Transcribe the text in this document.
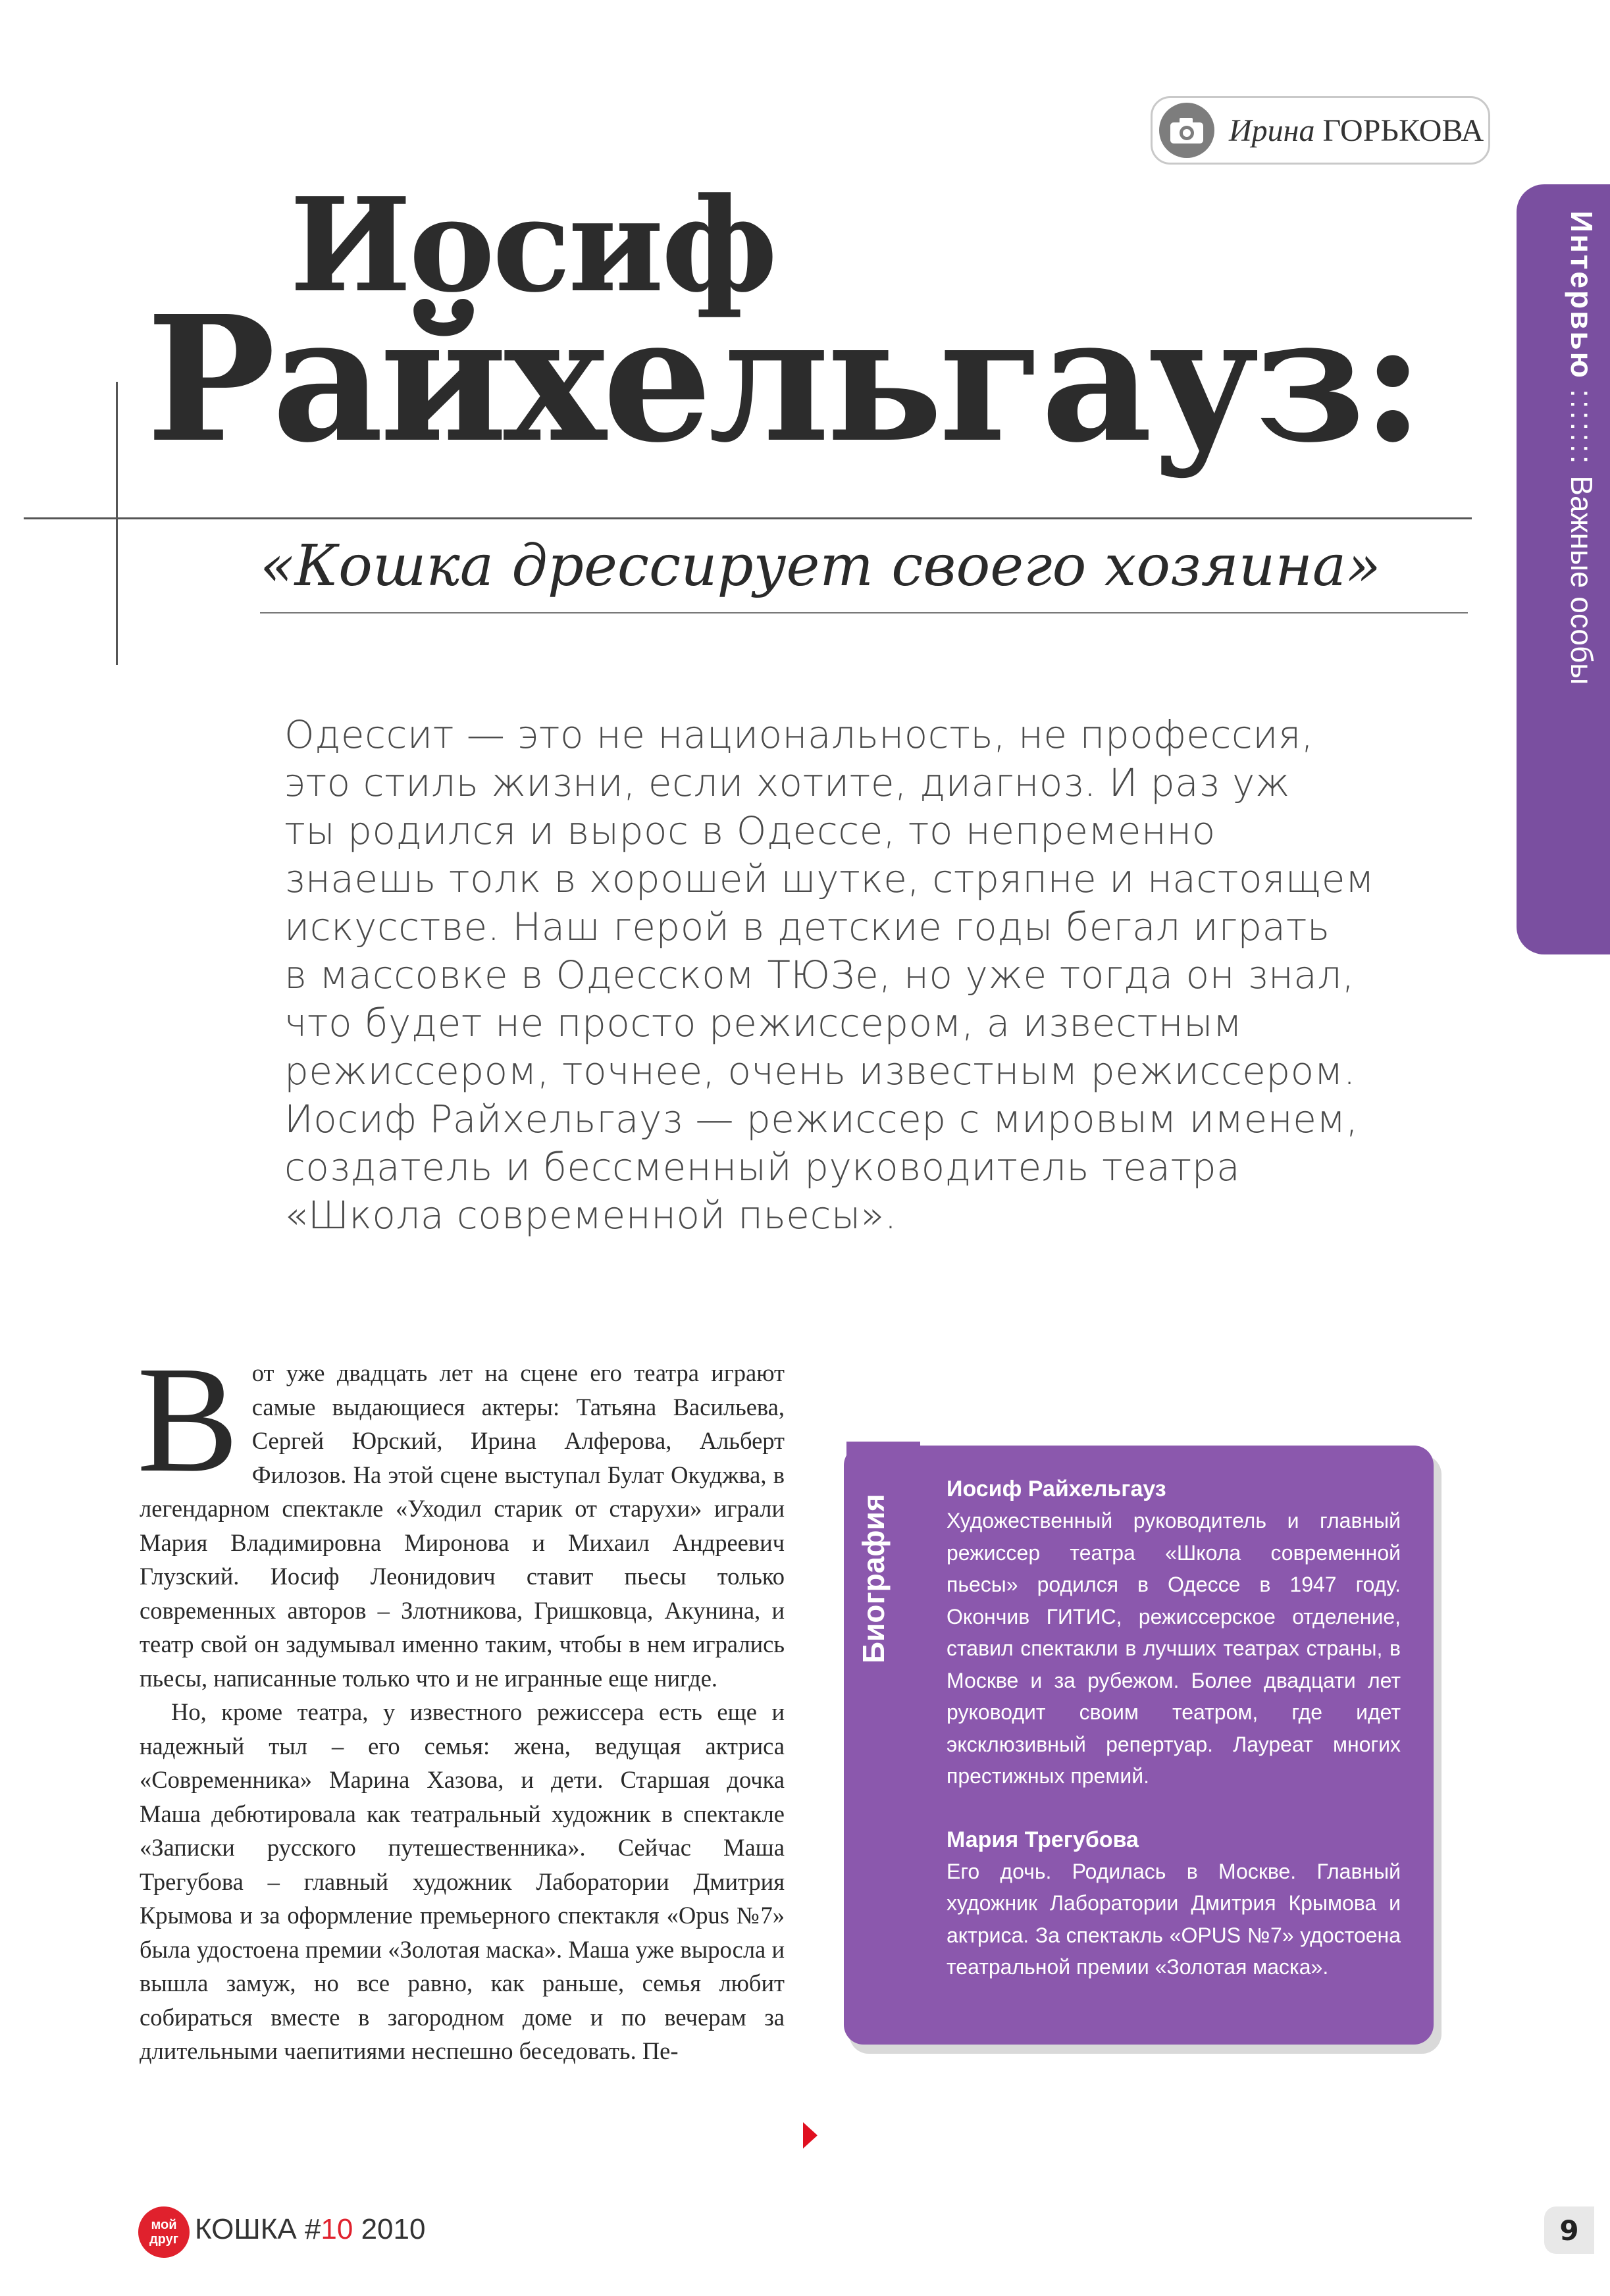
Ирина ГОРЬКОВА
Интервью:::::::Важные особы
Иосиф
Райхельгауз:
«Кошка дрессирует своего хозяина»

Одессит — это не национальность, не профессия,

это стиль жизни, если хотите, диагноз. И раз уж

ты родился и вырос в Одессе, то непременно

знаешь толк в хорошей шутке, стряпне и настоящем

искусстве. Наш герой в детские годы бегал играть

в массовке в Одесском ТЮЗе, но уже тогда он знал,

что будет не просто режиссером, а известным

режиссером, точнее, очень известным режиссером.

Иосиф Райхельгауз — режиссер с мировым именем,

создатель и бессменный руководитель театра

«Школа современной пьесы».

В от уже двадцать лет на сцене его театра играют самые выдающиеся актеры: Татьяна Васильева, Сергей Юрский, Ирина Алферова, Альберт Филозов. На этой сцене выступал Булат Окуджва, в легендарном спектакле «Уходил старик от старухи» играли Мария Владимировна Миронова и Михаил Андреевич Глузский. Иосиф Леонидович ставит пьесы только современных авторов – Злотникова, Гришковца, Акунина, и театр свой он задумывал именно таким, чтобы в нем игрались пьесы, написанные только что и не игранные еще нигде.

Но, кроме театра, у известного режиссера есть еще и надежный тыл – его семья: жена, ведущая актриса «Современника» Марина Хазова, и дети. Старшая дочка Маша дебютировала как театральный художник в спектакле «Записки русского путешественника». Сейчас Маша Трегубова – главный художник Лаборатории Дмитрия Крымова и за оформление премьерного спектакля «Opus №7» была удостоена премии «Золотая маска». Маша уже выросла и вышла замуж, но все равно, как раньше, семья любит собираться вместе в загородном доме и по вечерам за длительными чаепитиями неспешно беседовать. Пе-

Биография
Иосиф Райхельгауз

Художественный руководитель и главный режиссер театра «Школа современной пьесы» родился в Одессе в 1947 году. Окончив ГИТИС, режиссерское отделение, ставил спектакли в лучших театрах страны, в Москве и за рубежом. Более двадцати лет руководит своим театром, где идет эксклюзивный репертуар. Лауреат многих престижных премий.

Мария Трегубова

Его дочь. Родилась в Москве. Главный художник Лаборатории Дмитрия Крымова и актриса. За спектакль «OPUS №7» удостоена театральной премии «Золотая маска».

мой
друг КОШКА #10 2010	9
